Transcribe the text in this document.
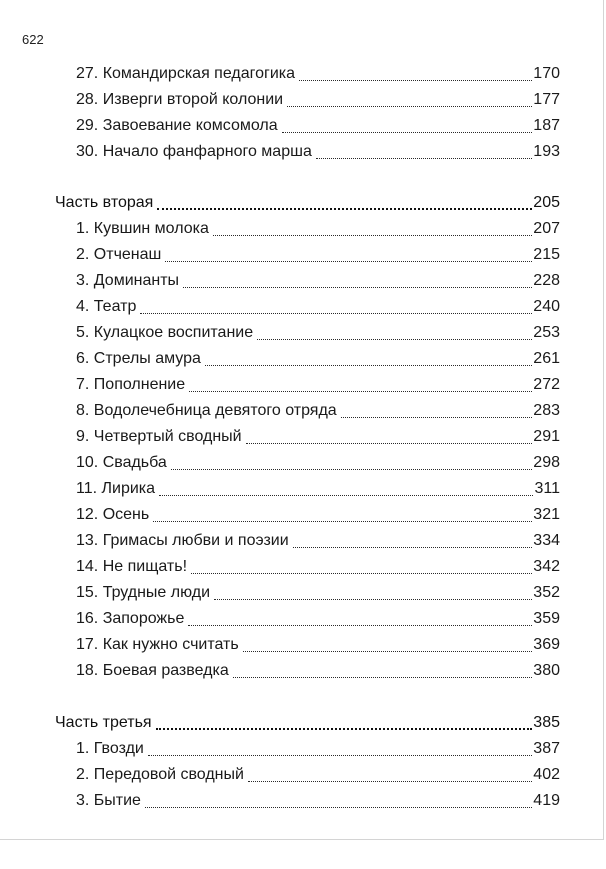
622
27. Командирская педагогика	170
28. Изверги второй колонии	177
29. Завоевание комсомола	187
30. Начало фанфарного марша	193
Часть вторая	205
1. Кувшин молока	207
2. Отченаш	215
3. Доминанты	228
4. Театр	240
5. Кулацкое воспитание	253
6. Стрелы амура	261
7. Пополнение	272
8. Водолечебница девятого отряда	283
9. Четвертый сводный	291
10. Свадьба	298
11. Лирика	311
12. Осень	321
13. Гримасы любви и поэзии	334
14. Не пищать!	342
15. Трудные люди	352
16. Запорожье	359
17. Как нужно считать	369
18. Боевая разведка	380
Часть третья	385
1. Гвозди	387
2. Передовой сводный	402
3. Бытие	419
